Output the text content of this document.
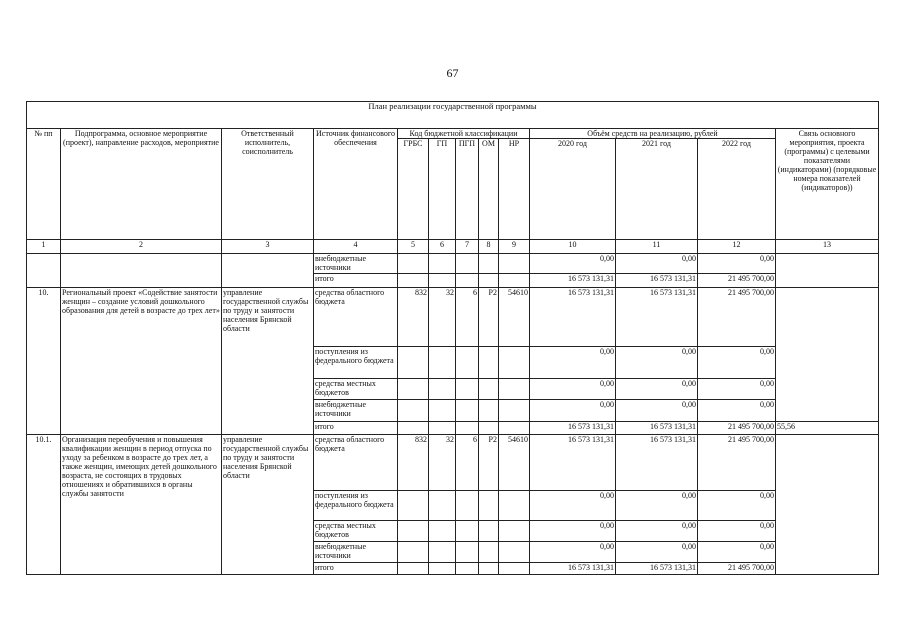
67
План реализации государственной программы												
№ пп	Подпрограмма, основное мероприятие (проект), направление расходов, мероприятие	Ответственный исполнитель, соисполнитель	Источник финансового обеспечения	Код бюджетной классификации					Объём средств на реализацию, рублей			Связь основного мероприятия, проекта (программы) с целевыми показателями (индикаторами) (порядковые номера показателей (индикаторов))
				ГРБС	ГП	ПГП	ОМ	НР	2020 год	2021 год	2022 год	
1	2	3	4	5	6	7	8	9	10	11	12	13
			внебюджетные источники						0,00	0,00	0,00	
			итого						16 573 131,31	16 573 131,31	21 495 700,00	
10.	Региональный проект «Содействие занятости женщин – создание условий дошкольного образования для детей в возрасте до трех лет»	управление государственной службы по труду и занятости населения Брянской области	средства областного бюджета	832	32	6	P2	54610	16 573 131,31	16 573 131,31	21 495 700,00	
			поступления из федерального бюджета						0,00	0,00	0,00	
			средства местных бюджетов						0,00	0,00	0,00	
			внебюджетные источники						0,00	0,00	0,00	
			итого						16 573 131,31	16 573 131,31	21 495 700,00	55,56
10.1.	Организация переобучения и повышения квалификации женщин в период отпуска по уходу за ребенком в возрасте до трех лет, а также женщин, имеющих детей дошкольного возраста, не состоящих в трудовых отношениях и обратившихся в органы службы занятости	управление государственной службы по труду и занятости населения Брянской области	средства областного бюджета	832	32	6	P2	54610	16 573 131,31	16 573 131,31	21 495 700,00	
			поступления из федерального бюджета						0,00	0,00	0,00	
			средства местных бюджетов						0,00	0,00	0,00	
			внебюджетные источники						0,00	0,00	0,00	
			итого						16 573 131,31	16 573 131,31	21 495 700,00	
